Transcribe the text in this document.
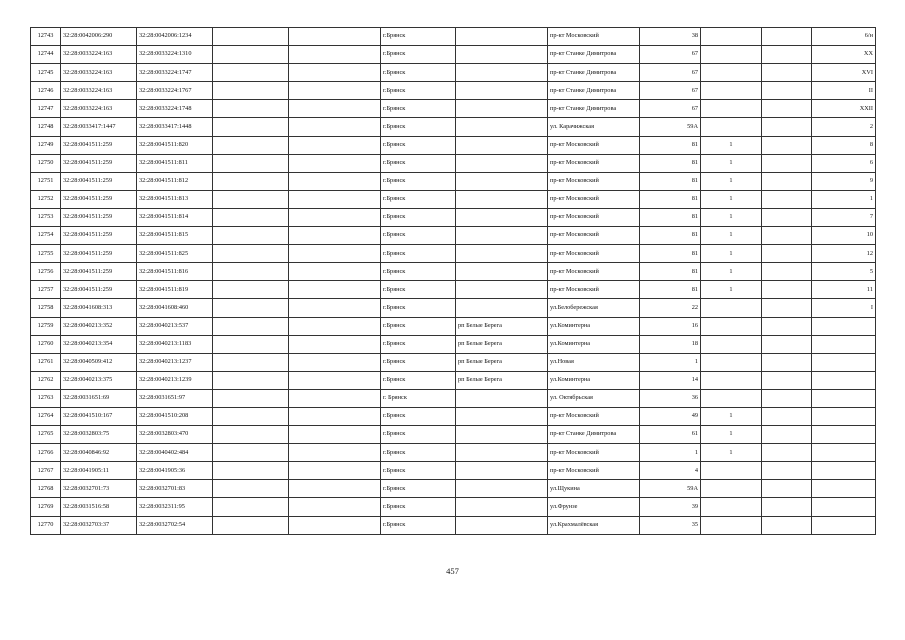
12743	32:28:0042006:290	32:28:0042006:1234			г.Брянск		пр-кт Московский	38			6/н
12744	32:28:0033224:163	32:28:0033224:1310			г.Брянск		пр-кт Станке Димитрова	67			XX
12745	32:28:0033224:163	32:28:0033224:1747			г.Брянск		пр-кт Станке Димитрова	67			XVI
12746	32:28:0033224:163	32:28:0033224:1767			г.Брянск		пр-кт Станке Димитрова	67			II
12747	32:28:0033224:163	32:28:0033224:1748			г.Брянск		пр-кт Станке Димитрова	67			XXII
12748	32:28:0033417:1447	32:28:0033417:1448			г.Брянск		ул. Карачижская	59А			2
12749	32:28:0041511:259	32:28:0041511:820			г.Брянск		пр-кт Московский	81	1		8
12750	32:28:0041511:259	32:28:0041511:811			г.Брянск		пр-кт Московский	81	1		6
12751	32:28:0041511:259	32:28:0041511:812			г.Брянск		пр-кт Московский	81	1		9
12752	32:28:0041511:259	32:28:0041511:813			г.Брянск		пр-кт Московский	81	1		1
12753	32:28:0041511:259	32:28:0041511:814			г.Брянск		пр-кт Московский	81	1		7
12754	32:28:0041511:259	32:28:0041511:815			г.Брянск		пр-кт Московский	81	1		10
12755	32:28:0041511:259	32:28:0041511:825			г.Брянск		пр-кт Московский	81	1		12
12756	32:28:0041511:259	32:28:0041511:816			г.Брянск		пр-кт Московский	81	1		5
12757	32:28:0041511:259	32:28:0041511:819			г.Брянск		пр-кт Московский	81	1		11
12758	32:28:0041608:313	32:28:0041608:460			г.Брянск		ул.Белобережская	22			I
12759	32:28:0040213:352	32:28:0040213:537			г.Брянск	рп Белые Берега	ул.Коминтерна	16			
12760	32:28:0040213:354	32:28:0040213:1183			г.Брянск	рп Белые Берега	ул.Коминтерна	18			
12761	32:28:0040509:412	32:28:0040213:1237			г.Брянск	рп Белые Берега	ул.Новая	1			
12762	32:28:0040213:375	32:28:0040213:1239			г.Брянск	рп Белые Берега	ул.Коминтерна	14			
12763	32:28:0031651:69	32:28:0031651:97			г. Брянск		ул. Октябрьская	36			
12764	32:28:0041510:167	32:28:0041510:208			г.Брянск		пр-кт Московский	49	1		
12765	32:28:0032803:75	32:28:0032803:470			г.Брянск		пр-кт Станке Димитрова	61	1		
12766	32:28:0040846:92	32:28:0040402:484			г.Брянск		пр-кт Московский	1	1		
12767	32:28:0041905:11	32:28:0041905:36			г.Брянск		пр-кт Московский	4			
12768	32:28:0032701:73	32:28:0032701:83			г.Брянск		ул.Щукина	59А			
12769	32:28:0031516:58	32:28:0032311:95			г.Брянск		ул.Фрунзе	39			
12770	32:28:0032703:37	32:28:0032702:54			г.Брянск		ул.Крахмалёвская	35			
457
